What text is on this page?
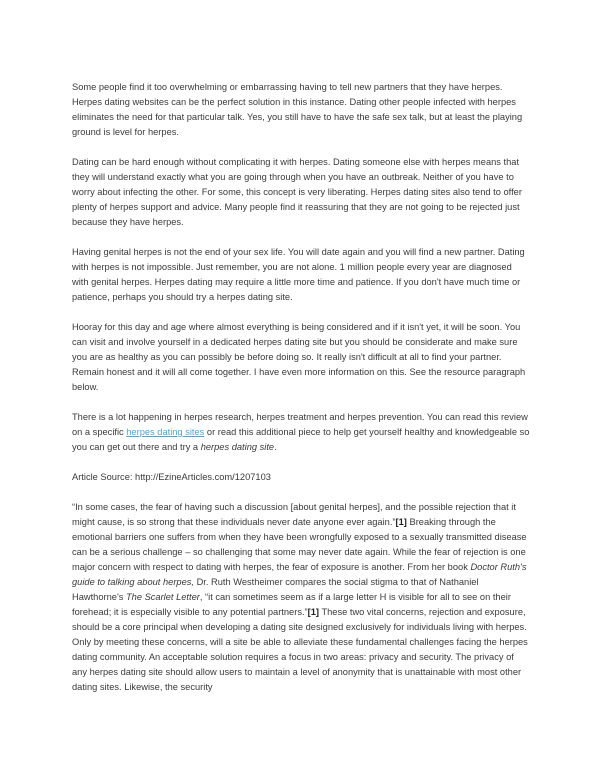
Some people find it too overwhelming or embarrassing having to tell new partners that they have herpes. Herpes dating websites can be the perfect solution in this instance. Dating other people infected with herpes eliminates the need for that particular talk. Yes, you still have to have the safe sex talk, but at least the playing ground is level for herpes.

Dating can be hard enough without complicating it with herpes. Dating someone else with herpes means that they will understand exactly what you are going through when you have an outbreak. Neither of you have to worry about infecting the other. For some, this concept is very liberating. Herpes dating sites also tend to offer plenty of herpes support and advice. Many people find it reassuring that they are not going to be rejected just because they have herpes.

Having genital herpes is not the end of your sex life. You will date again and you will find a new partner. Dating with herpes is not impossible. Just remember, you are not alone. 1 million people every year are diagnosed with genital herpes. Herpes dating may require a little more time and patience. If you don't have much time or patience, perhaps you should try a herpes dating site.

Hooray for this day and age where almost everything is being considered and if it isn't yet, it will be soon. You can visit and involve yourself in a dedicated herpes dating site but you should be considerate and make sure you are as healthy as you can possibly be before doing so. It really isn't difficult at all to find your partner. Remain honest and it will all come together. I have even more information on this. See the resource paragraph below.

There is a lot happening in herpes research, herpes treatment and herpes prevention. You can read this review on a specific herpes dating sites or read this additional piece to help get yourself healthy and knowledgeable so you can get out there and try a herpes dating site.

Article Source: http://EzineArticles.com/1207103

“In some cases, the fear of having such a discussion [about genital herpes], and the possible rejection that it might cause, is so strong that these individuals never date anyone ever again.”[1] Breaking through the emotional barriers one suffers from when they have been wrongfully exposed to a sexually transmitted disease can be a serious challenge – so challenging that some may never date again. While the fear of rejection is one major concern with respect to dating with herpes, the fear of exposure is another. From her book Doctor Ruth's guide to talking about herpes, Dr. Ruth Westheimer compares the social stigma to that of Nathaniel Hawthorne's The Scarlet Letter, “it can sometimes seem as if a large letter H is visible for all to see on their forehead; it is especially visible to any potential partners.”[1] These two vital concerns, rejection and exposure, should be a core principal when developing a dating site designed exclusively for individuals living with herpes. Only by meeting these concerns, will a site be able to alleviate these fundamental challenges facing the herpes dating community. An acceptable solution requires a focus in two areas: privacy and security. The privacy of any herpes dating site should allow users to maintain a level of anonymity that is unattainable with most other dating sites. Likewise, the security
